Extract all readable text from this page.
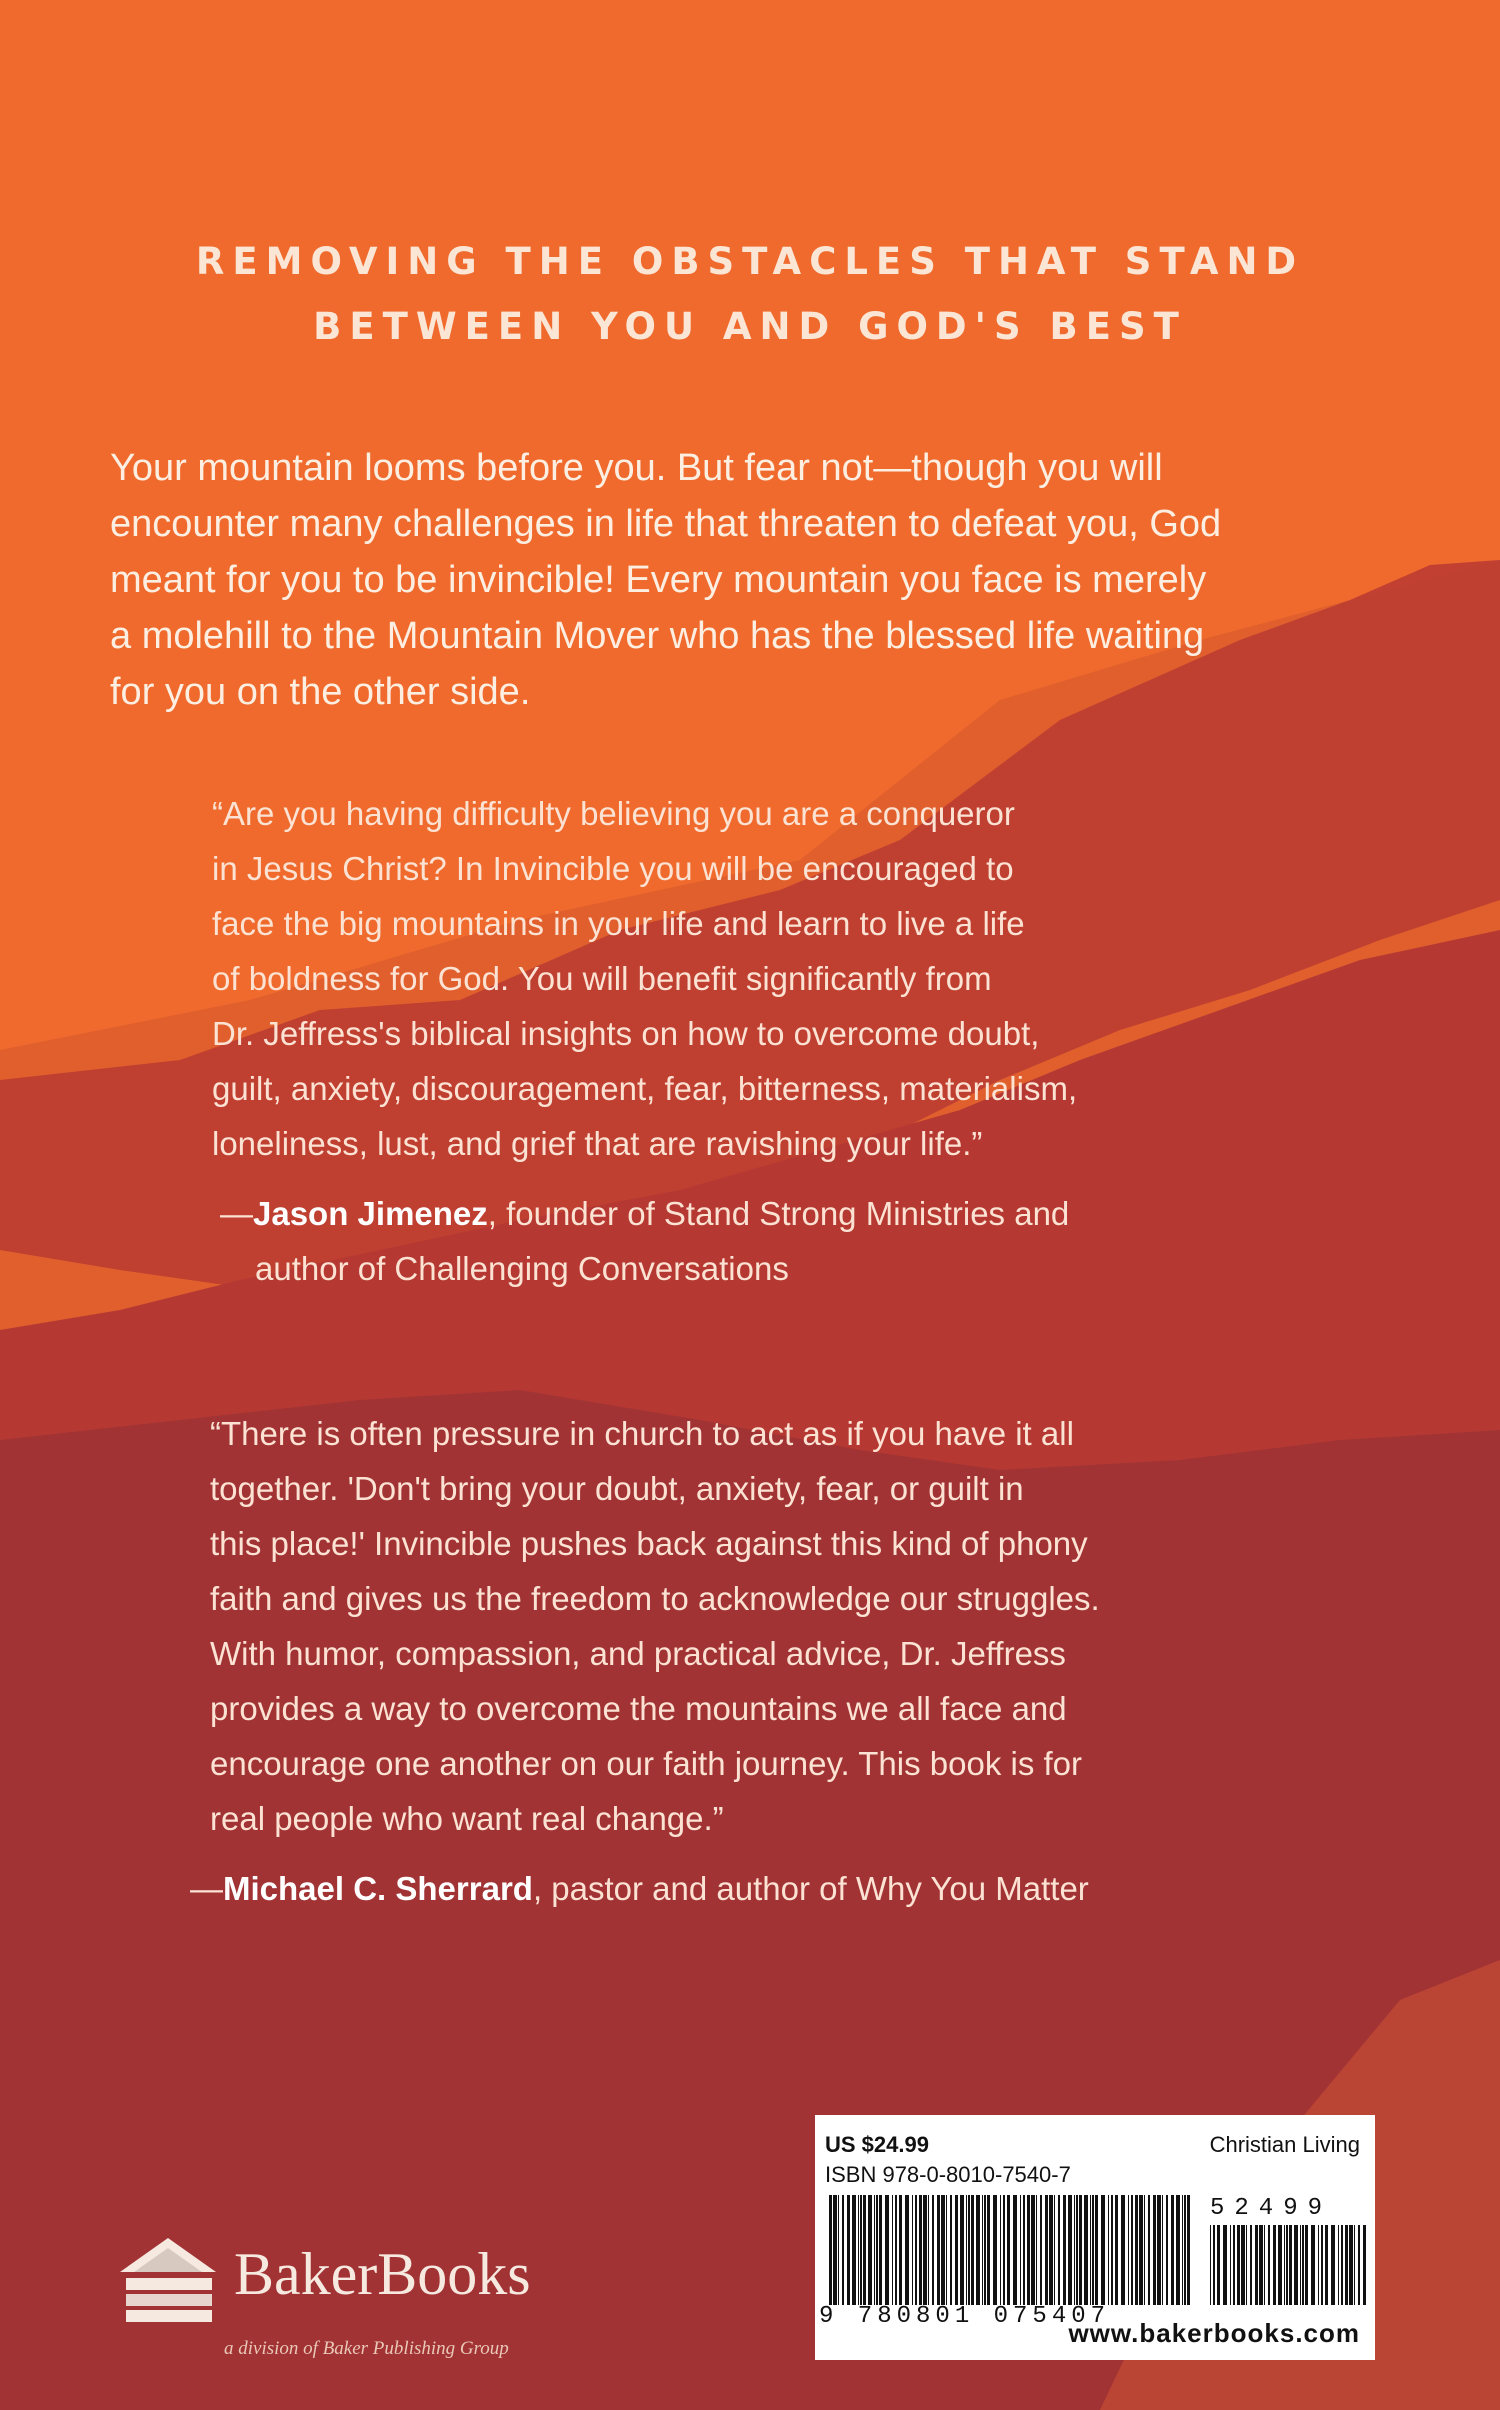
REMOVING THE OBSTACLES THAT STAND
BETWEEN YOU AND GOD'S BEST
Your mountain looms before you. But fear not—though you will
encounter many challenges in life that threaten to defeat you, God
meant for you to be invincible! Every mountain you face is merely
a molehill to the Mountain Mover who has the blessed life waiting
for you on the other side.
“Are you having difficulty believing you are a conqueror
in Jesus Christ? In Invincible you will be encouraged to
face the big mountains in your life and learn to live a life
of boldness for God. You will benefit significantly from
Dr. Jeffress's biblical insights on how to overcome doubt,
guilt, anxiety, discouragement, fear, bitterness, materialism,
loneliness, lust, and grief that are ravishing your life.”
—Jason Jimenez, founder of Stand Strong Ministries and
author of Challenging Conversations
“There is often pressure in church to act as if you have it all
together. 'Don't bring your doubt, anxiety, fear, or guilt in
this place!' Invincible pushes back against this kind of phony
faith and gives us the freedom to acknowledge our struggles.
With humor, compassion, and practical advice, Dr. Jeffress
provides a way to overcome the mountains we all face and
encourage one another on our faith journey. This book is for
real people who want real change.”
—Michael C. Sherrard, pastor and author of Why You Matter
BakerBooks
a division of Baker Publishing Group
US $24.99	Christian Living
ISBN 978-0-8010-7540-7
9 780801 075407
52499
www.bakerbooks.com
